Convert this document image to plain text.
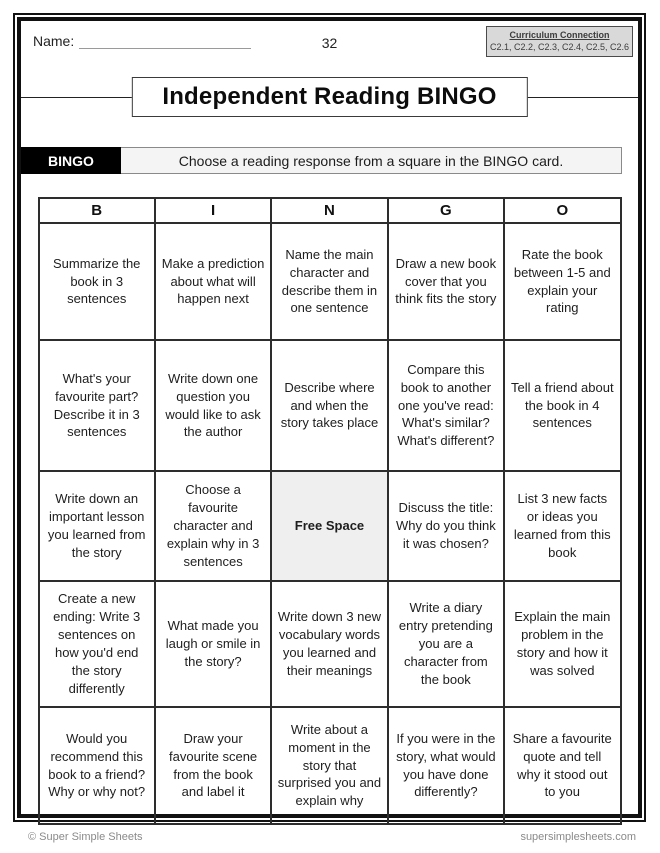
Name:	32	Curriculum Connection
C2.1, C2.2, C2.3, C2.4, C2.5, C2.6
Independent Reading BINGO
BINGO	Choose a reading response from a square in the BINGO card.
B	I	N	G	O
Summarize the book in 3 sentences	Make a prediction about what will happen next	Name the main character and describe them in one sentence	Draw a new book cover that you think fits the story	Rate the book between 1-5 and explain your rating
What's your favourite part? Describe it in 3 sentences	Write down one question you would like to ask the author	Describe where and when the story takes place	Compare this book to another one you've read: What's similar? What's different?	Tell a friend about the book in 4 sentences
Write down an important lesson you learned from the story	Choose a favourite character and explain why in 3 sentences	Free Space	Discuss the title: Why do you think it was chosen?	List 3 new facts or ideas you learned from this book
Create a new ending: Write 3 sentences on how you'd end the story differently	What made you laugh or smile in the story?	Write down 3 new vocabulary words you learned and their meanings	Write a diary entry pretending you are a character from the book	Explain the main problem in the story and how it was solved
Would you recommend this book to a friend? Why or why not?	Draw your favourite scene from the book and label it	Write about a moment in the story that surprised you and explain why	If you were in the story, what would you have done differently?	Share a favourite quote and tell why it stood out to you
© Super Simple Sheets	supersimplesheets.com
